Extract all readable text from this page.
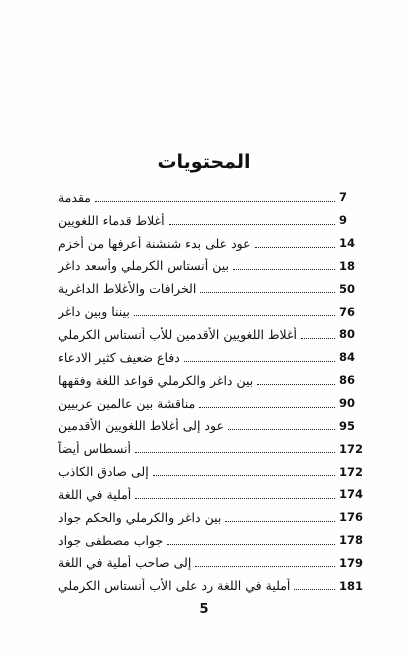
المحتويات
مقدمة	7
أغلاط قدماء اللغويين	9
عود على بدء شنشنة أعرفها من أخزم	14
بين أنستاس الكرملي وأسعد داغر	18
الخرافات والأغلاط الداغرية	50
بيننا وبين داغر	76
أغلاط اللغويين الأقدمين للأب أنستاس الكرملي	80
دفاع ضعيف كثير الادعاء	84
بين داغر والكرملي قواعد اللغة وفقهها	86
مناقشة بين عالمين عربيين	90
عود إلى أغلاط اللغويين الأقدمين	95
أنسطاس أيضاً	172
إلى صادق الكاذب	172
أملية في اللغة	174
بين داغر والكرملي والحكم جواد	176
جواب مصطفى جواد	178
إلى صاحب أملية في اللغة	179
أملية في اللغة رد على الأب أنستاس الكرملي	181
5
